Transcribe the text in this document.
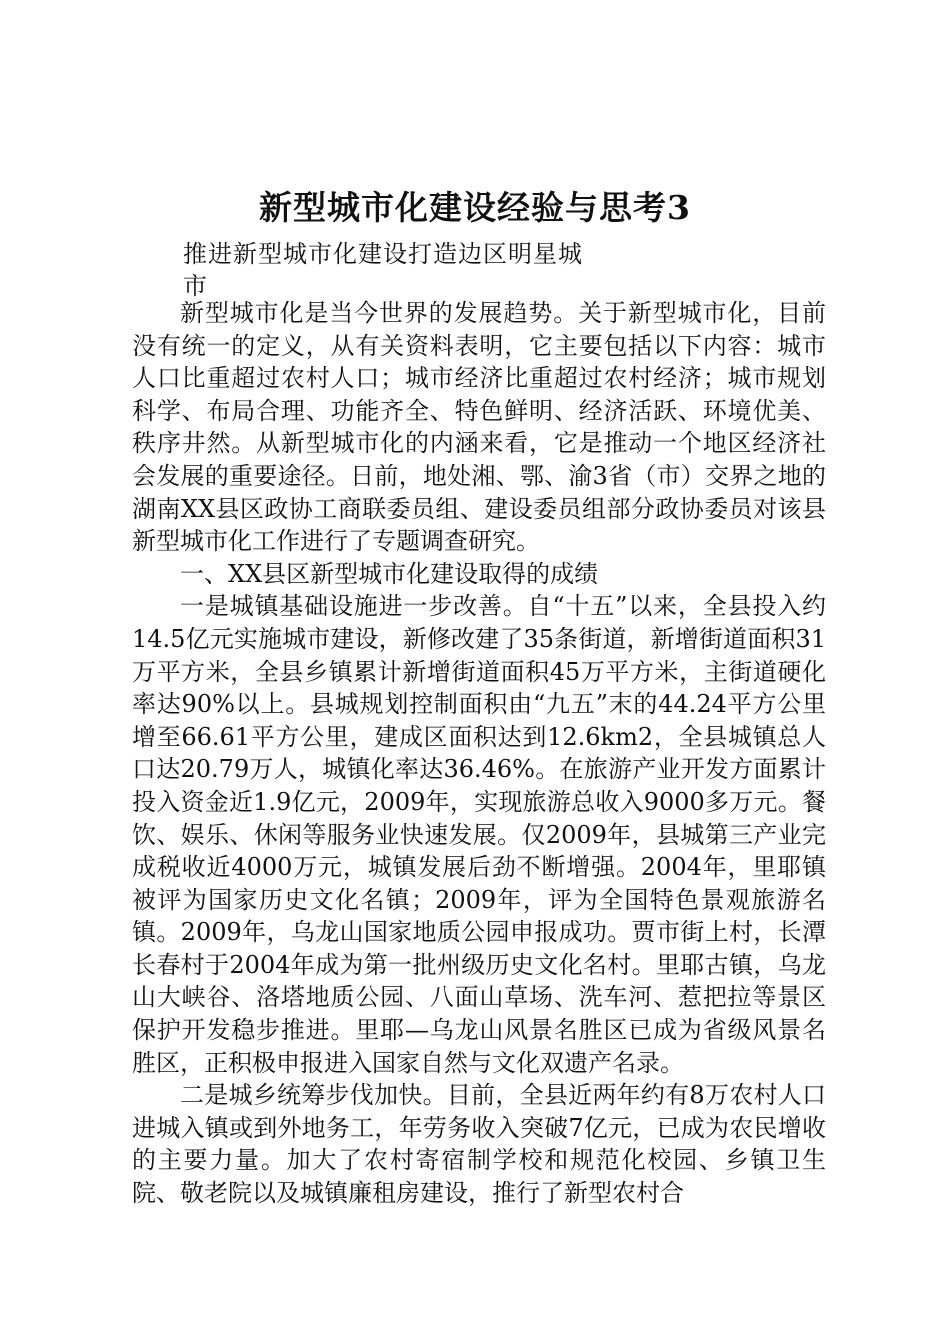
新型城市化建设经验与思考3
推进新型城市化建设打造边区明星城市

新型城市化是当今世界的发展趋势。关于新型城市化，目前没有统一的定义，从有关资料表明，它主要包括以下内容：城市人口比重超过农村人口；城市经济比重超过农村经济；城市规划科学、布局合理、功能齐全、特色鲜明、经济活跃、环境优美、秩序井然。从新型城市化的内涵来看，它是推动一个地区经济社会发展的重要途径。日前，地处湘、鄂、渝3省（市）交界之地的湖南XX县区政协工商联委员组、建设委员组部分政协委员对该县新型城市化工作进行了专题调查研究。

一、XX县区新型城市化建设取得的成绩

一是城镇基础设施进一步改善。自“十五”以来，全县投入约14.5亿元实施城市建设，新修改建了35条街道，新增街道面积31万平方米，全县乡镇累计新增街道面积45万平方米，主街道硬化率达90%以上。县城规划控制面积由“九五”末的44.24平方公里增至66.61平方公里，建成区面积达到12.6km2，全县城镇总人口达20.79万人，城镇化率达36.46%。在旅游产业开发方面累计投入资金近1.9亿元，2009年，实现旅游总收入9000多万元。餐饮、娱乐、休闲等服务业快速发展。仅2009年，县城第三产业完成税收近4000万元，城镇发展后劲不断增强。2004年，里耶镇被评为国家历史文化名镇；2009年，评为全国特色景观旅游名镇。2009年，乌龙山国家地质公园申报成功。贾市街上村，长潭长春村于2004年成为第一批州级历史文化名村。里耶古镇，乌龙山大峡谷、洛塔地质公园、八面山草场、洗车河、惹把拉等景区保护开发稳步推进。里耶—乌龙山风景名胜区已成为省级风景名胜区，正积极申报进入国家自然与文化双遗产名录。

二是城乡统筹步伐加快。目前，全县近两年约有8万农村人口进城入镇或到外地务工，年劳务收入突破7亿元，已成为农民增收的主要力量。加大了农村寄宿制学校和规范化校园、乡镇卫生院、敬老院以及城镇廉租房建设，推行了新型农村合
